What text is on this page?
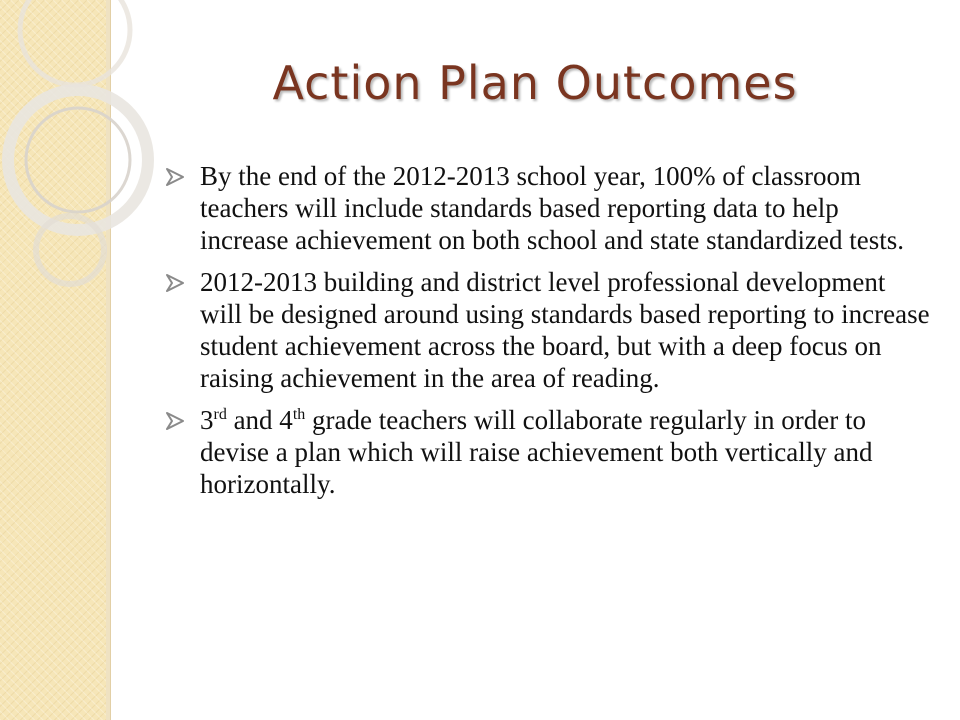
Action Plan Outcomes
By the end of the 2012-2013 school year, 100% of classroom teachers will include standards based reporting data to help increase achievement on both school and state standardized tests.
2012-2013 building and district level professional development will be designed around using standards based reporting to increase student achievement across the board, but with a deep focus on raising achievement in the area of reading.
3rd and 4th grade teachers will collaborate regularly in order to devise a plan which will raise achievement both vertically and horizontally.
